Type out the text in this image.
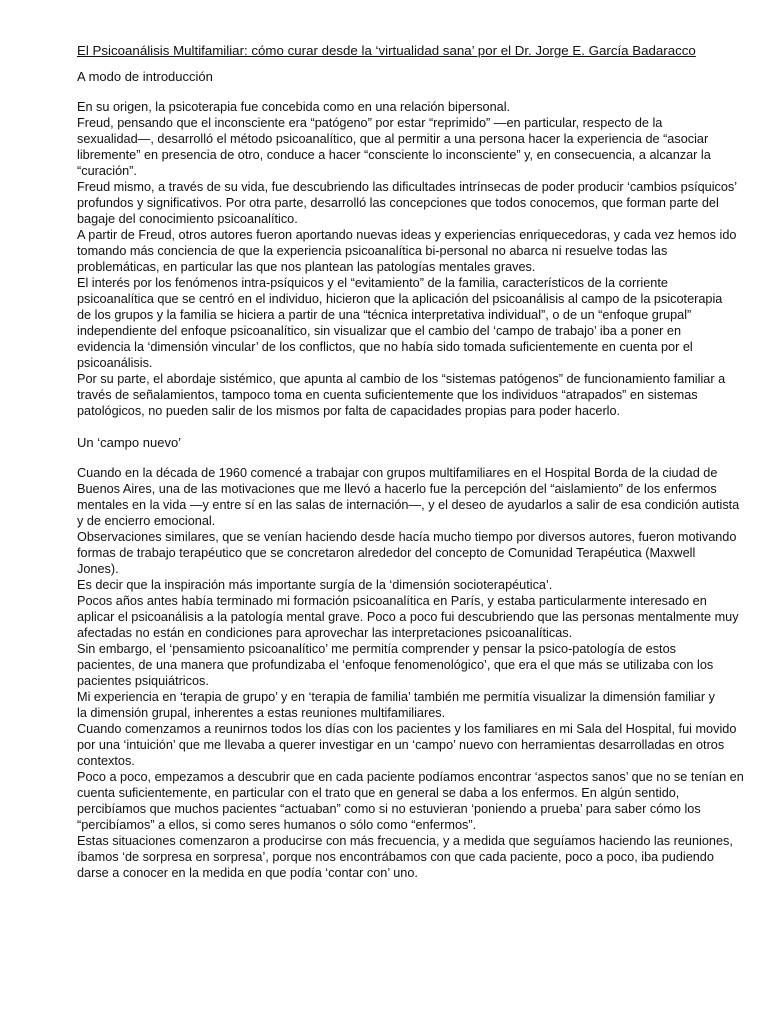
El Psicoanálisis Multifamiliar: cómo curar desde la ‘virtualidad sana’ por el Dr. Jorge E. García Badaracco
A modo de introducción
En su origen, la psicoterapia fue concebida como en una relación bipersonal.
Freud, pensando que el inconsciente era “patógeno” por estar “reprimido” —en particular, respecto de la
sexualidad—, desarrolló el método psicoanalítico, que al permitir a una persona hacer la experiencia de “asociar
libremente” en presencia de otro, conduce a hacer “consciente lo inconsciente” y, en consecuencia, a alcanzar la
“curación”.
Freud mismo, a través de su vida, fue descubriendo las dificultades intrínsecas de poder producir ‘cambios psíquicos’
profundos y significativos. Por otra parte, desarrolló las concepciones que todos conocemos, que forman parte del
bagaje del conocimiento psicoanalítico.
A partir de Freud, otros autores fueron aportando nuevas ideas y experiencias enriquecedoras, y cada vez hemos ido
tomando más conciencia de que la experiencia psicoanalítica bi-personal no abarca ni resuelve todas las
problemáticas, en particular las que nos plantean las patologías mentales graves.
El interés por los fenómenos intra-psíquicos y el “evitamiento” de la familia, característicos de la corriente
psicoanalítica que se centró en el individuo, hicieron que la aplicación del psicoanálisis al campo de la psicoterapia
de los grupos y la familia se hiciera a partir de una “técnica interpretativa individual”, o de un “enfoque grupal”
independiente del enfoque psicoanalítico, sin visualizar que el cambio del ‘campo de trabajo’ iba a poner en
evidencia la ‘dimensión vincular’ de los conflictos, que no había sido tomada suficientemente en cuenta por el
psicoanálisis.
Por su parte, el abordaje sistémico, que apunta al cambio de los “sistemas patógenos” de funcionamiento familiar a
través de señalamientos, tampoco toma en cuenta suficientemente que los individuos “atrapados” en sistemas
patológicos, no pueden salir de los mismos por falta de capacidades propias para poder hacerlo.
Un ‘campo nuevo’
Cuando en la década de 1960 comencé a trabajar con grupos multifamiliares en el Hospital Borda de la ciudad de
Buenos Aires, una de las motivaciones que me llevó a hacerlo fue la percepción del “aislamiento” de los enfermos
mentales en la vida —y entre sí en las salas de internación—, y el deseo de ayudarlos a salir de esa condición autista
y de encierro emocional.
Observaciones similares, que se venían haciendo desde hacía mucho tiempo por diversos autores, fueron motivando
formas de trabajo terapéutico que se concretaron alrededor del concepto de Comunidad Terapéutica (Maxwell
Jones).
Es decir que la inspiración más importante surgía de la ‘dimensión socioterapéutica’.
Pocos años antes había terminado mi formación psicoanalítica en París, y estaba particularmente interesado en
aplicar el psicoanálisis a la patología mental grave. Poco a poco fui descubriendo que las personas mentalmente muy
afectadas no están en condiciones para aprovechar las interpretaciones psicoanalíticas.
Sin embargo, el ‘pensamiento psicoanalítico’ me permitía comprender y pensar la psico-patología de estos
pacientes, de una manera que profundizaba el ‘enfoque fenomenológico’, que era el que más se utilizaba con los
pacientes psiquiátricos.
Mi experiencia en ‘terapia de grupo’ y en ‘terapia de familia’ también me permitía visualizar la dimensión familiar y
la dimensión grupal, inherentes a estas reuniones multifamiliares.
Cuando comenzamos a reunirnos todos los días con los pacientes y los familiares en mi Sala del Hospital, fui movido
por una ‘intuición’ que me llevaba a querer investigar en un ‘campo’ nuevo con herramientas desarrolladas en otros
contextos.
Poco a poco, empezamos a descubrir que en cada paciente podíamos encontrar ‘aspectos sanos’ que no se tenían en
cuenta suficientemente, en particular con el trato que en general se daba a los enfermos. En algún sentido,
percibíamos que muchos pacientes “actuaban” como si no estuvieran ‘poniendo a prueba’ para saber cómo los
“percibíamos” a ellos, si como seres humanos o sólo como “enfermos”.
Estas situaciones comenzaron a producirse con más frecuencia, y a medida que seguíamos haciendo las reuniones,
íbamos ‘de sorpresa en sorpresa’, porque nos encontrábamos con que cada paciente, poco a poco, iba pudiendo
darse a conocer en la medida en que podía ‘contar con’ uno.
